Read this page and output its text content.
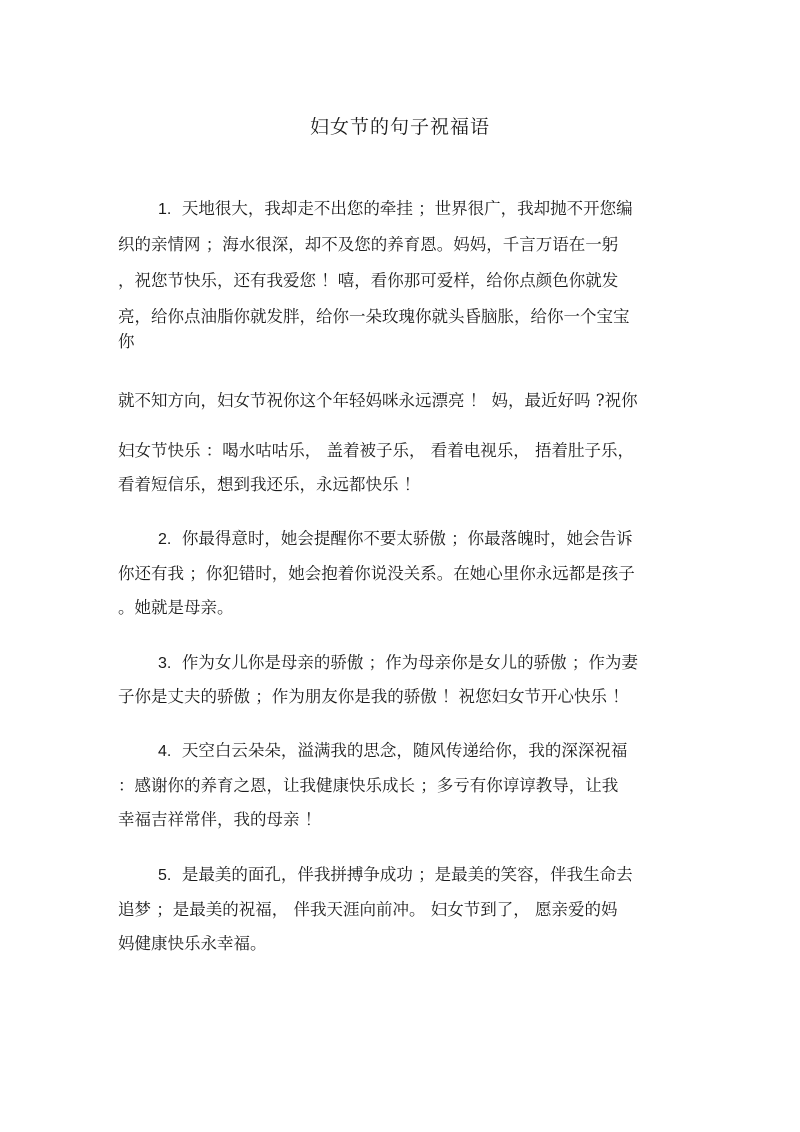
妇女节的句子祝福语
1. 天地很大，我却走不出您的牵挂 ；世界很广，我却抛不开您编
织的亲情网 ；海水很深，却不及您的养育恩。妈妈，千言万语在一躬
，祝您节快乐，还有我爱您 ！嘻，看你那可爱样，给你点颜色你就发
亮，给你点油脂你就发胖，给你一朵玫瑰你就头昏脑胀，给你一个宝宝
你
就不知方向，妇女节祝你这个年轻妈咪永远漂亮 ！ 妈，最近好吗 ?祝你
妇女节快乐 ：喝水咕咕乐， 盖着被子乐， 看着电视乐， 捂着肚子乐，
看着短信乐，想到我还乐，永远都快乐 ！
2. 你最得意时，她会提醒你不要太骄傲 ；你最落魄时，她会告诉
你还有我 ；你犯错时，她会抱着你说没关系。在她心里你永远都是孩子
。她就是母亲。
3. 作为女儿你是母亲的骄傲 ；作为母亲你是女儿的骄傲 ；作为妻
子你是丈夫的骄傲 ；作为朋友你是我的骄傲 ！祝您妇女节开心快乐 ！
4. 天空白云朵朵，溢满我的思念，随风传递给你，我的深深祝福
：感谢你的养育之恩，让我健康快乐成长 ；多亏有你谆谆教导，让我
幸福吉祥常伴，我的母亲 ！
5. 是最美的面孔，伴我拼搏争成功 ；是最美的笑容，伴我生命去
追梦 ；是最美的祝福， 伴我天涯向前冲。 妇女节到了， 愿亲爱的妈
妈健康快乐永幸福。
